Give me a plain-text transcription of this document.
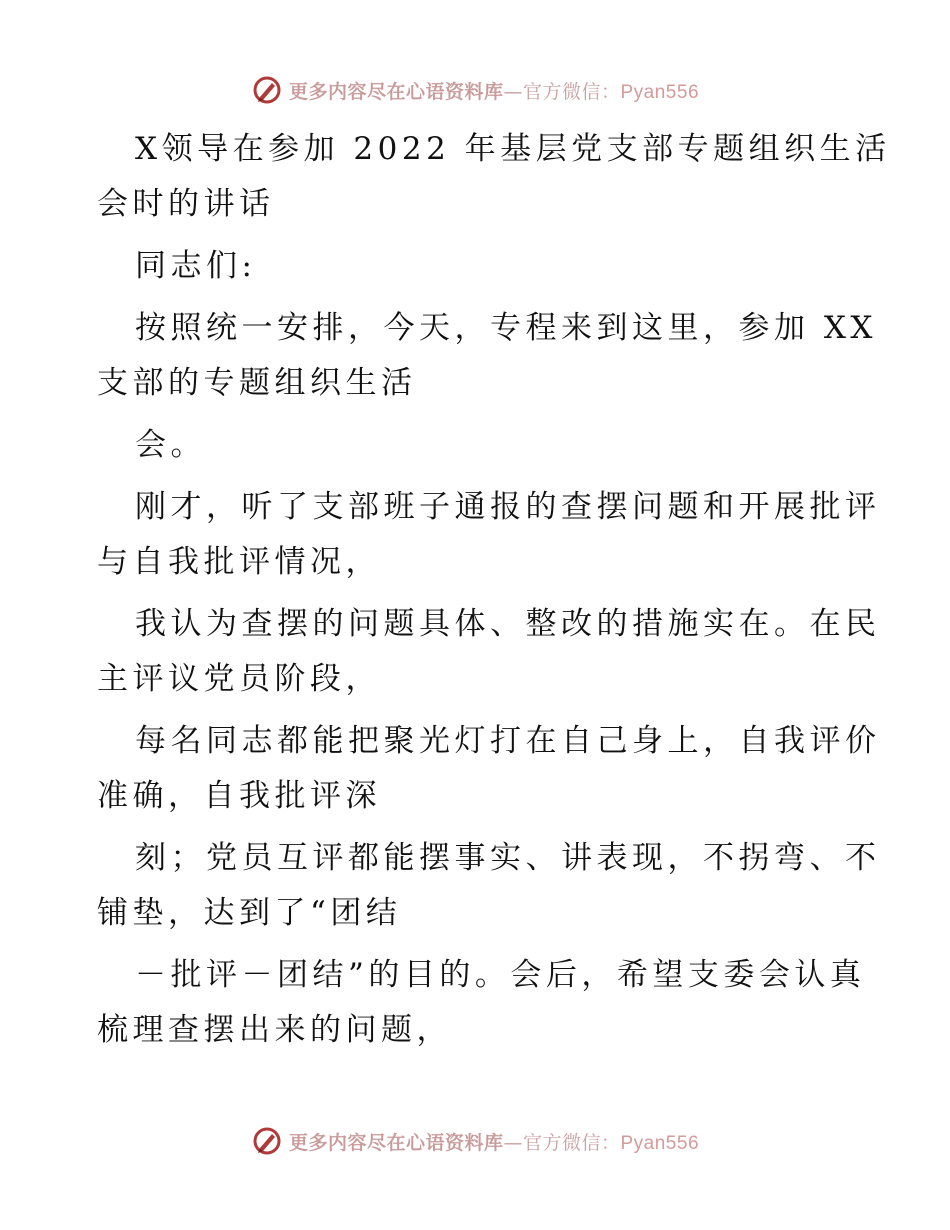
更多内容尽在心语资料库—官方微信：Pyan556
X领导在参加 2022 年基层党支部专题组织生活
会时的讲话
同志们:
按照统一安排，今天，专程来到这里，参加 XX
支部的专题组织生活
会。
刚才，听了支部班子通报的查摆问题和开展批评
与自我批评情况，
我认为查摆的问题具体、整改的措施实在。在民
主评议党员阶段，
每名同志都能把聚光灯打在自己身上，自我评价
准确，自我批评深
刻；党员互评都能摆事实、讲表现，不拐弯、不
铺垫，达到了“团结
－批评－团结”的目的。会后，希望支委会认真
梳理查摆出来的问题，
更多内容尽在心语资料库—官方微信：Pyan556
